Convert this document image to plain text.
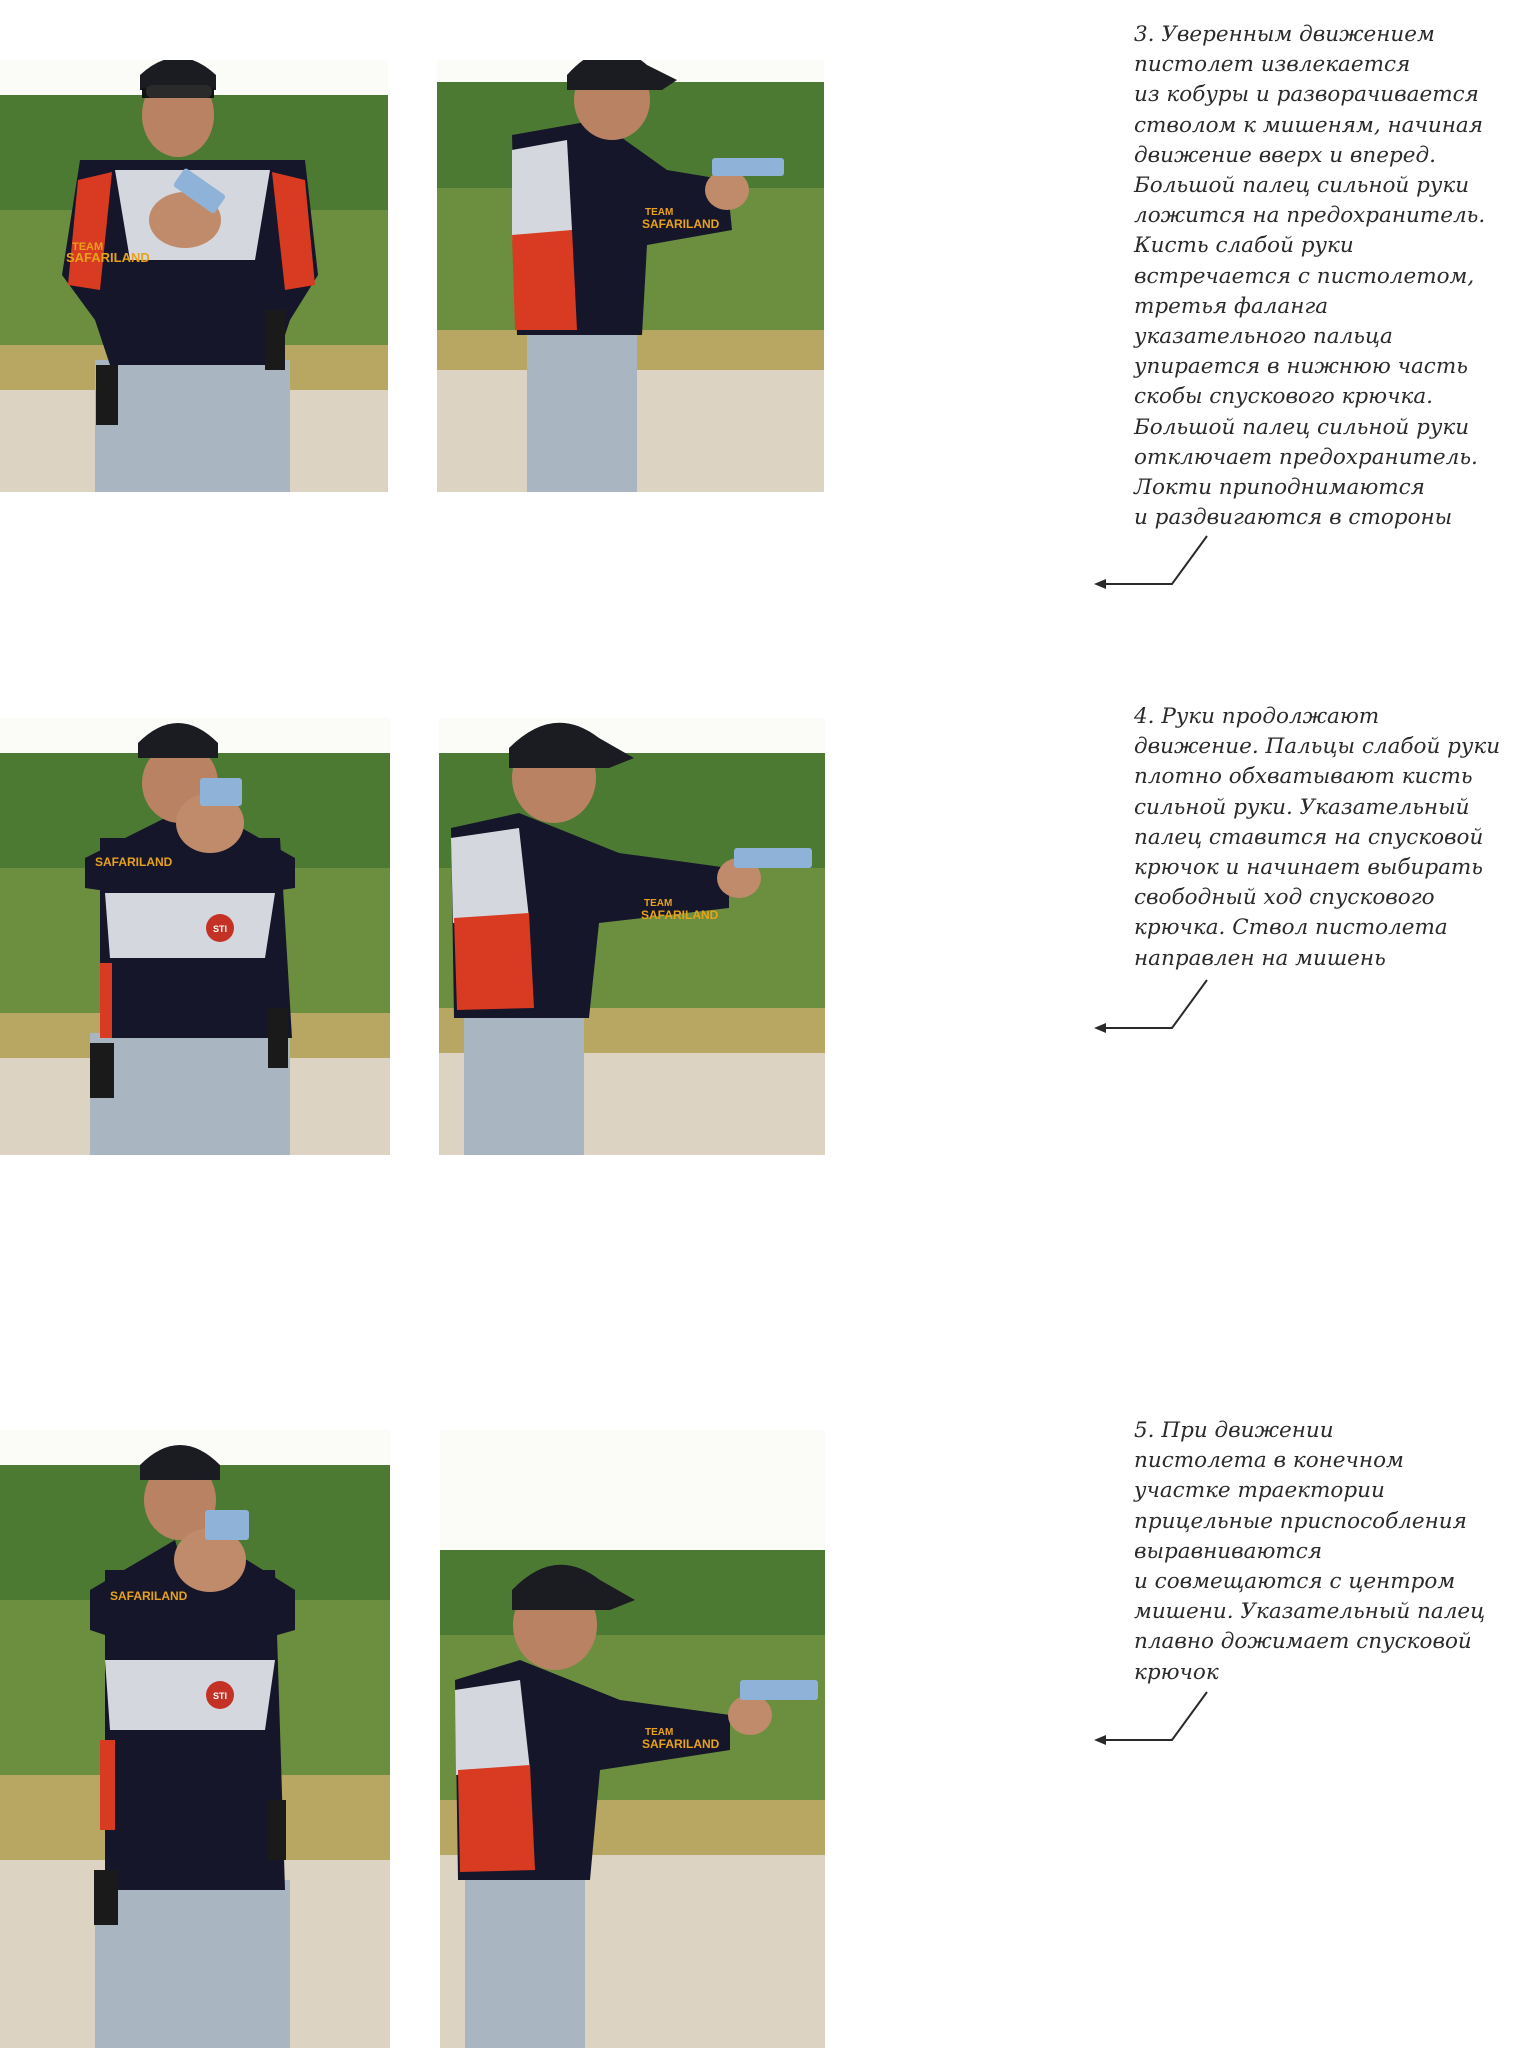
TEAM
SAFARILAND
TEAM
SAFARILAND

3. Уверенным движением
пистолет извлекается
из кобуры и разворачивается
стволом к мишеням, начиная
движение вверх и вперед.
Большой палец сильной руки
ложится на предохранитель.
Кисть слабой руки
встречается с пистолетом,
третья фаланга
указательного пальца
упирается в нижнюю часть
скобы спускового крючка.
Большой палец сильной руки
отключает предохранитель.
Локти приподнимаются
и раздвигаются в стороны

STI
SAFARILAND
TEAM
SAFARILAND

4. Руки продолжают
движение. Пальцы слабой руки
плотно обхватывают кисть
сильной руки. Указательный
палец ставится на спусковой
крючок и начинает выбирать
свободный ход спускового
крючка. Ствол пистолета
направлен на мишень

STI
SAFARILAND
TEAM
SAFARILAND

5. При движении
пистолета в конечном
участке траектории
прицельные приспособления
выравниваются
и совмещаются с центром
мишени. Указательный палец
плавно дожимает спусковой
крючок
